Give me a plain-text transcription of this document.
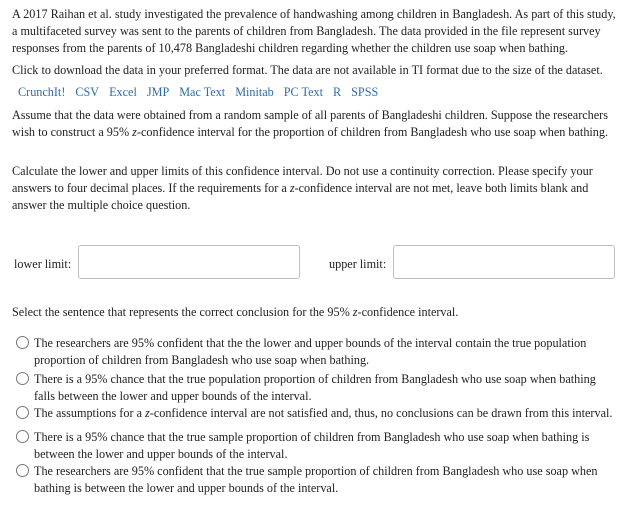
A 2017 Raihan et al. study investigated the prevalence of handwashing among children in Bangladesh. As part of this study, a multifaceted survey was sent to the parents of children from Bangladesh. The data provided in the file represent survey responses from the parents of 10,478 Bangladeshi children regarding whether the children use soap when bathing.

Click to download the data in your preferred format. The data are not available in TI format due to the size of the dataset.

CrunchIt! CSV Excel JMP Mac Text Minitab PC Text R SPSS

Assume that the data were obtained from a random sample of all parents of Bangladeshi children. Suppose the researchers wish to construct a 95% z-confidence interval for the proportion of children from Bangladesh who use soap when bathing.

Calculate the lower and upper limits of this confidence interval. Do not use a continuity correction. Please specify your answers to four decimal places. If the requirements for a z-confidence interval are not met, leave both limits blank and answer the multiple choice question.

lower limit:	upper limit:

Select the sentence that represents the correct conclusion for the 95% z-confidence interval.

The researchers are 95% confident that the the lower and upper bounds of the interval contain the true population proportion of children from Bangladesh who use soap when bathing.
There is a 95% chance that the true population proportion of children from Bangladesh who use soap when bathing falls between the lower and upper bounds of the interval.
The assumptions for a z-confidence interval are not satisfied and, thus, no conclusions can be drawn from this interval.
There is a 95% chance that the true sample proportion of children from Bangladesh who use soap when bathing is between the lower and upper bounds of the interval.
The researchers are 95% confident that the true sample proportion of children from Bangladesh who use soap when bathing is between the lower and upper bounds of the interval.
